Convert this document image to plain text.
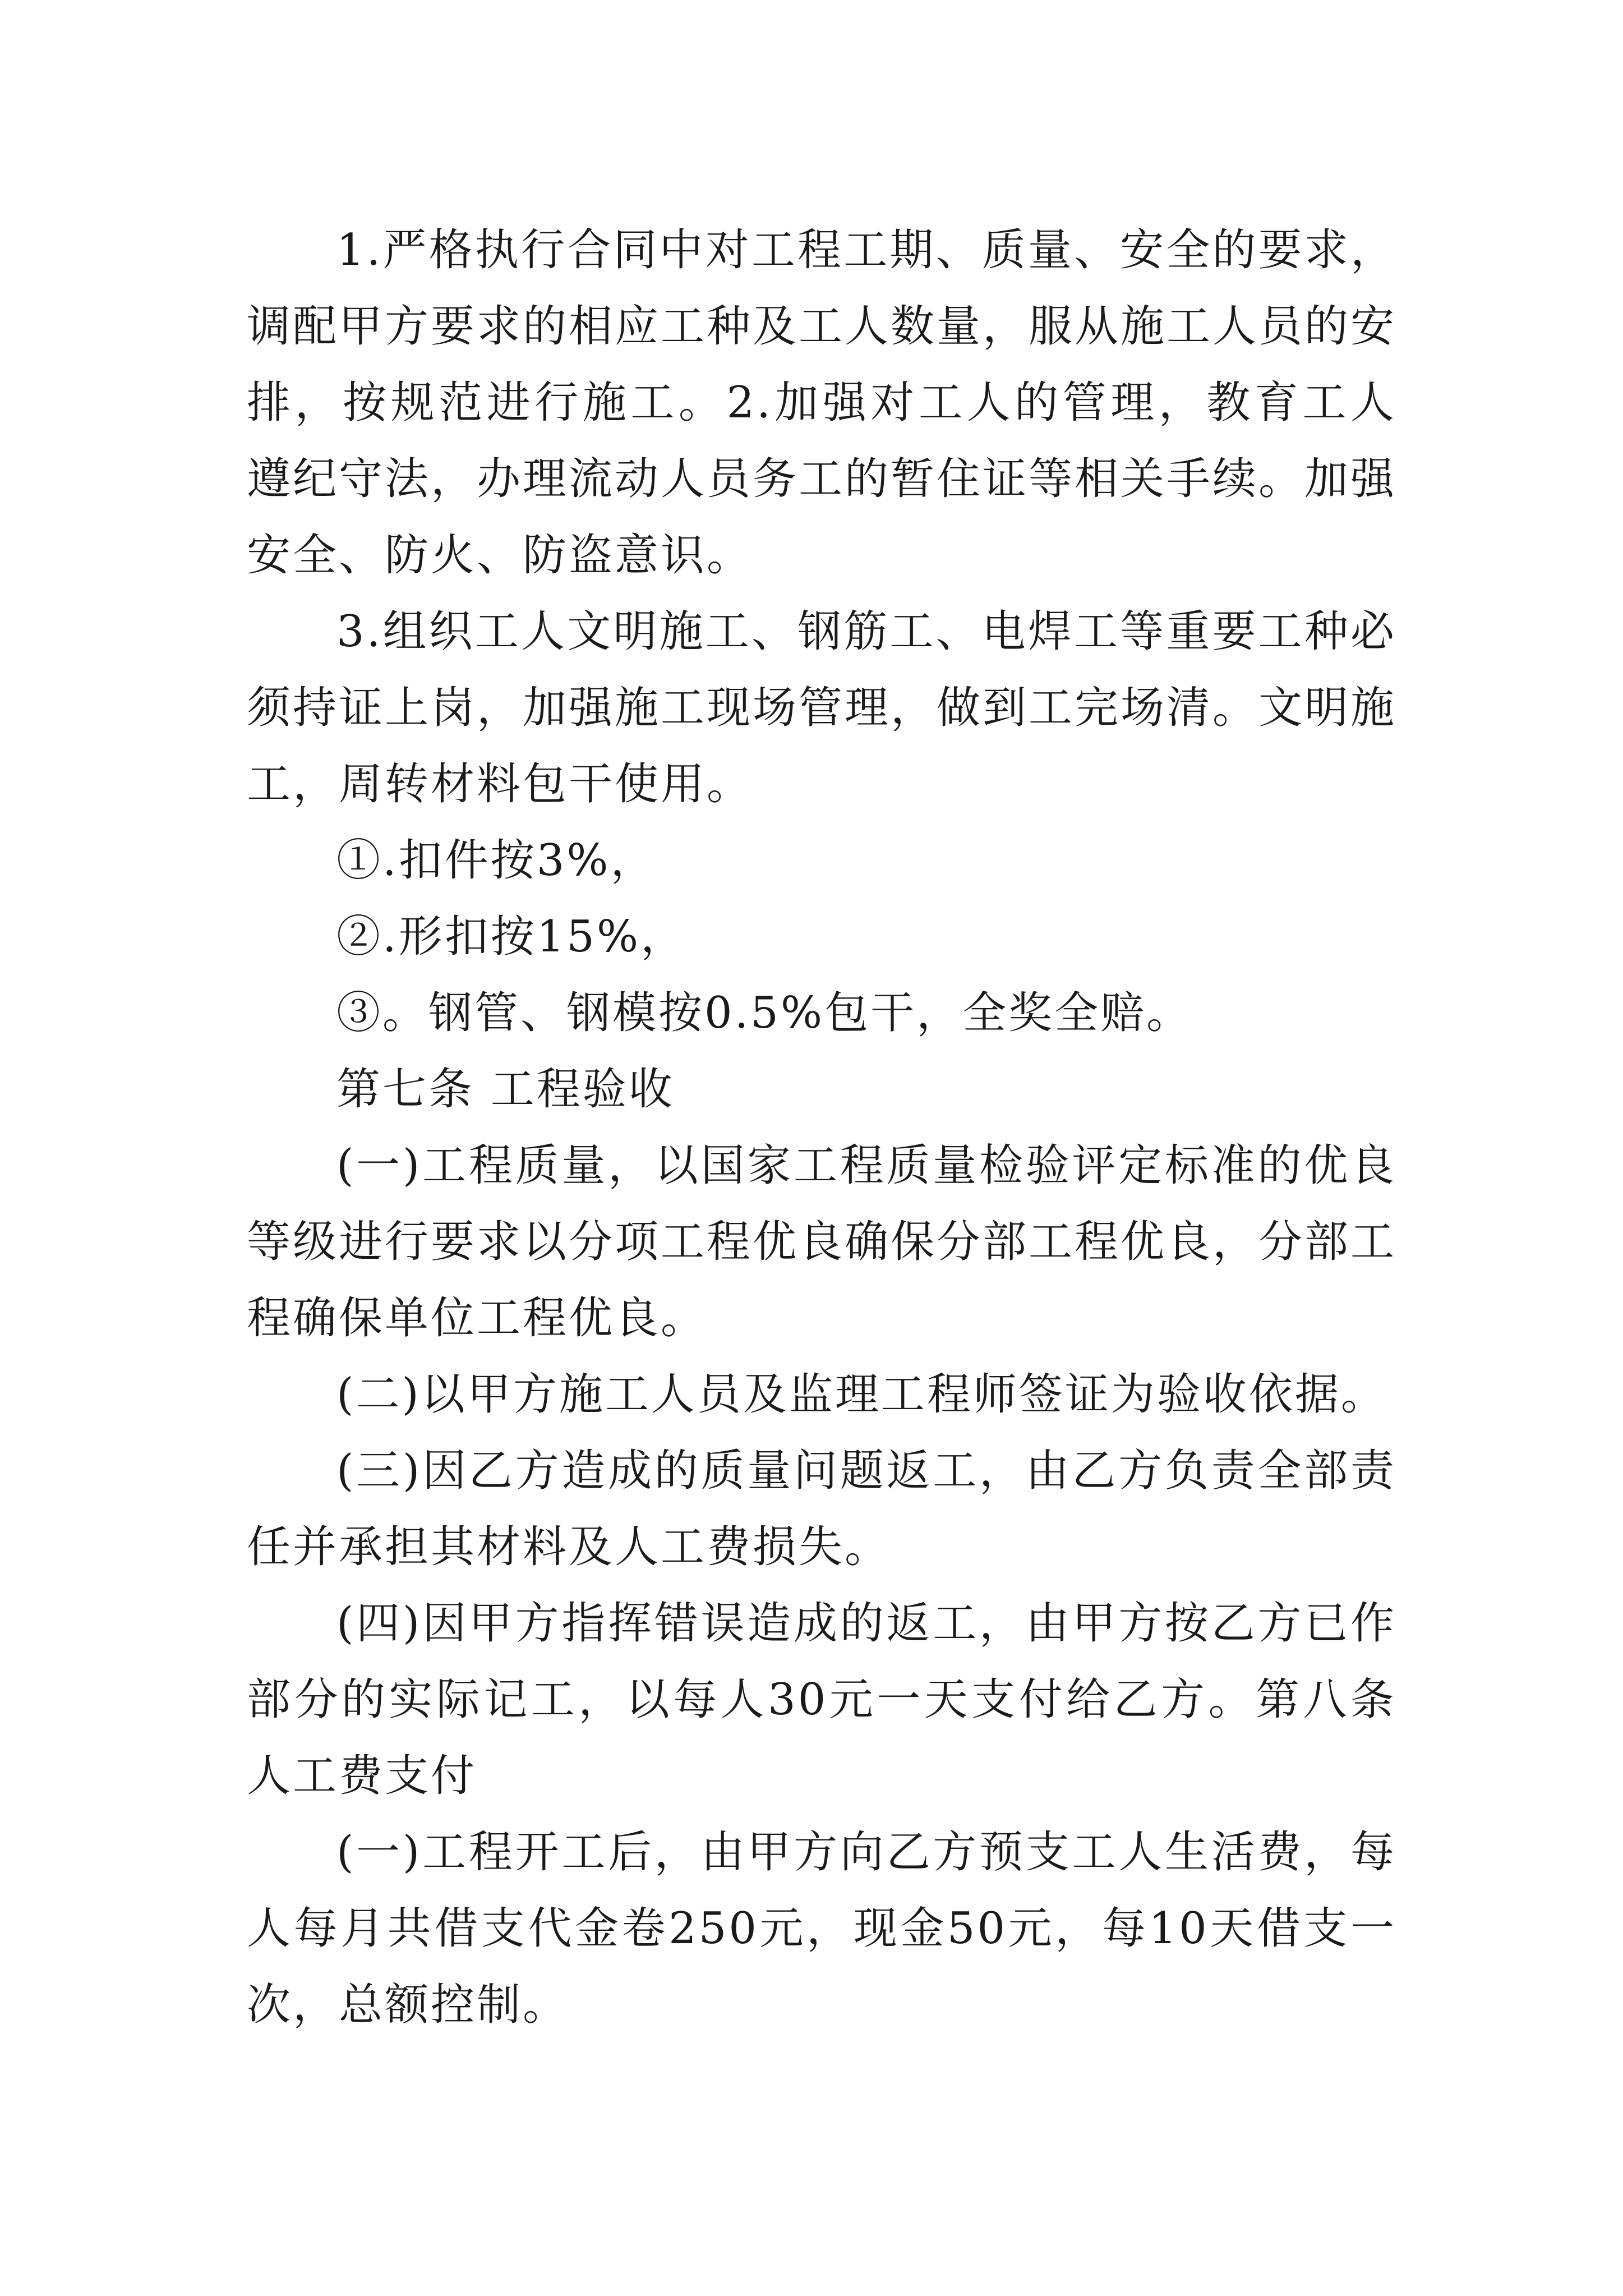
1.严格执行合同中对工程工期、质量、安全的要求，调配甲方要求的相应工种及工人数量，服从施工人员的安排，按规范进行施工。2.加强对工人的管理，教育工人遵纪守法，办理流动人员务工的暂住证等相关手续。加强安全、防火、防盗意识。

3.组织工人文明施工、钢筋工、电焊工等重要工种必须持证上岗，加强施工现场管理，做到工完场清。文明施工，周转材料包干使用。

①.扣件按3%，

②.形扣按15%，

③。钢管、钢模按0.5%包干，全奖全赔。

第七条 工程验收

(一)工程质量，以国家工程质量检验评定标准的优良等级进行要求以分项工程优良确保分部工程优良，分部工程确保单位工程优良。

(二)以甲方施工人员及监理工程师签证为验收依据。

(三)因乙方造成的质量问题返工，由乙方负责全部责任并承担其材料及人工费损失。

(四)因甲方指挥错误造成的返工，由甲方按乙方已作部分的实际记工，以每人30元一天支付给乙方。第八条人工费支付

(一)工程开工后，由甲方向乙方预支工人生活费，每人每月共借支代金卷250元，现金50元，每10天借支一次，总额控制。
